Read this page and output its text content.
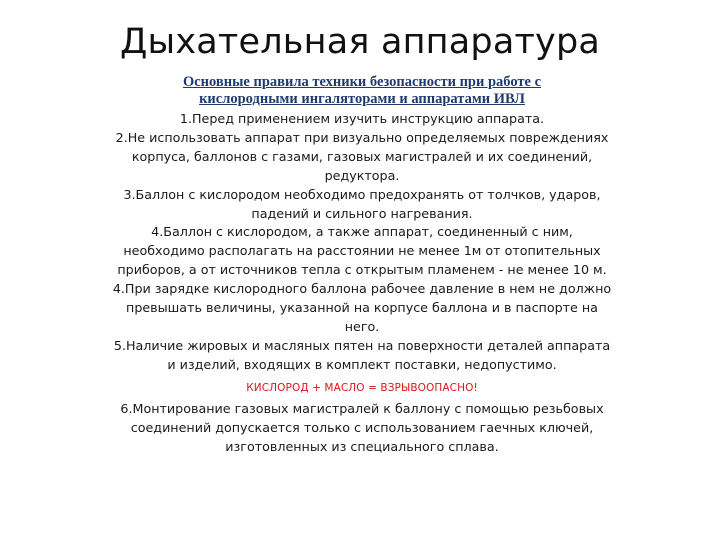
Дыхательная аппаратура
Основные правила техники безопасности при работе с
кислородными ингаляторами и аппаратами ИВЛ

1.Перед применением изучить инструкцию аппарата.

2.Не использовать аппарат при визуально определяемых повреждениях корпуса, баллонов с газами, газовых магистралей и их соединений, редуктора.

3.Баллон с кислородом необходимо предохранять от толчков, ударов, падений и сильного нагревания.

4.Баллон с кислородом, а также аппарат, соединенный с ним, необходимо располагать на расстоянии не менее 1м от отопительных приборов, а от источников тепла с открытым пламенем - не менее 10 м.

4.При зарядке кислородного баллона рабочее давление в нем не должно превышать величины, указанной на корпусе баллона и в паспорте на него.

5.Наличие жировых и масляных пятен на поверхности деталей аппарата и изделий, входящих в комплект поставки, недопустимо.

КИСЛОРОД + МАСЛО = ВЗРЫВООПАСНО!

6.Монтирование газовых магистралей к баллону с помощью резьбовых соединений допускается только с использованием гаечных ключей, изготовленных из специального сплава.
